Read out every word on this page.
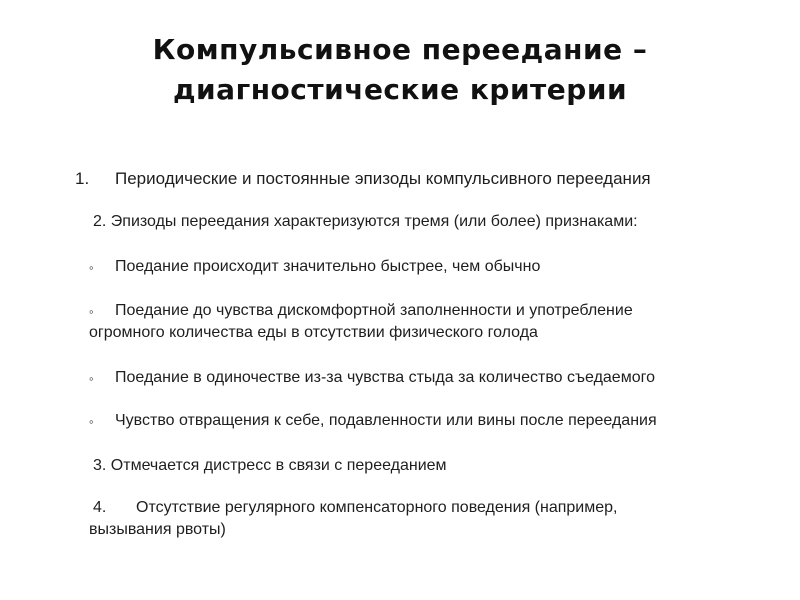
Компульсивное переедание –
диагностические критерии
1. Периодические и постоянные эпизоды компульсивного переедания
2. Эпизоды переедания характеризуются тремя (или более) признаками:
◦ Поедание происходит значительно быстрее, чем обычно
◦ Поедание до чувства дискомфортной заполненности и употребление
огромного количества еды в отсутствии физического голода
◦ Поедание в одиночестве из-за чувства стыда за количество съедаемого
◦ Чувство отвращения к себе, подавленности или вины после переедания
3. Отмечается дистресс в связи с перееданием
4. Отсутствие регулярного компенсаторного поведения (например,
вызывания рвоты)
